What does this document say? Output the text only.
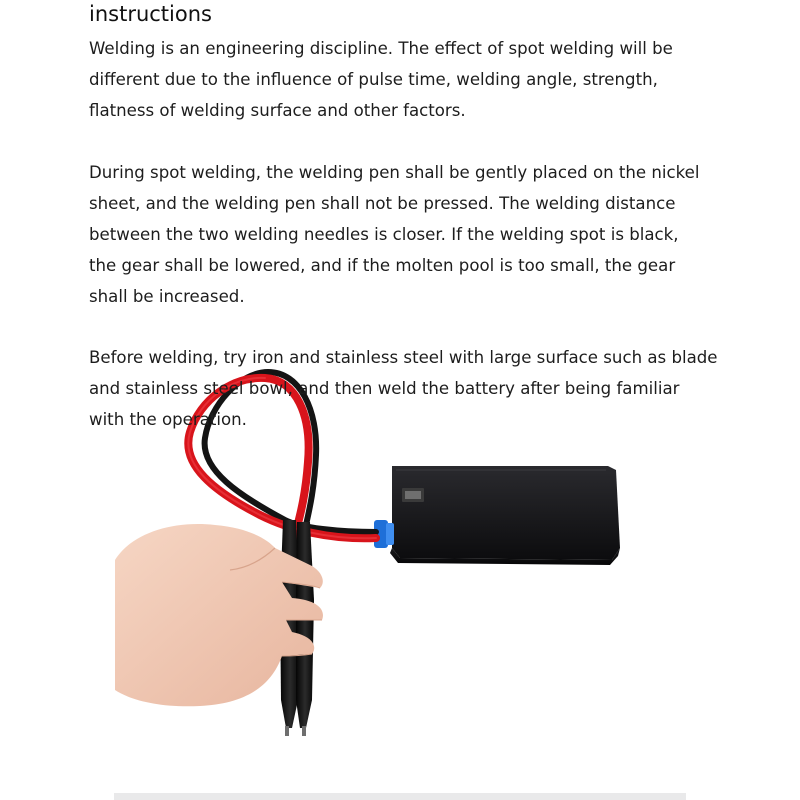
instructions

Welding is an engineering discipline. The effect of spot welding will be
different due to the influence of pulse time, welding angle, strength,
flatness of welding surface and other factors.

During spot welding, the welding pen shall be gently placed on the nickel
sheet, and the welding pen shall not be pressed. The welding distance
between the two welding needles is closer. If the welding spot is black,
the gear shall be lowered, and if the molten pool is too small, the gear
shall be increased.

Before welding, try iron and stainless steel with large surface such as blade
and stainless steel bowl, and then weld the battery after being familiar
with the operation.
